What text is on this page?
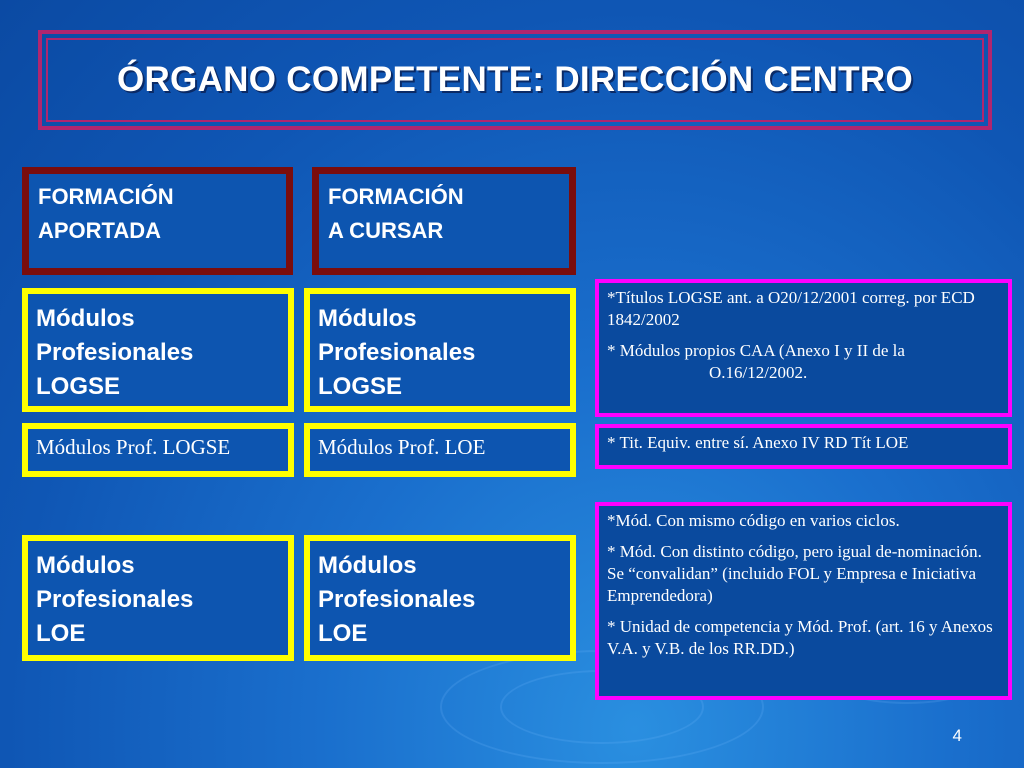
ÓRGANO COMPETENTE: DIRECCIÓN CENTRO
FORMACIÓN
APORTADA
FORMACIÓN
A CURSAR
Módulos
Profesionales
LOGSE
Módulos
Profesionales
LOGSE

*Títulos LOGSE ant. a O20/12/2001 correg. por ECD 1842/2002

* Módulos propios CAA (Anexo I y II de la
O.16/12/2002.

Módulos Prof. LOGSE	Módulos Prof. LOE	* Tit. Equiv. entre sí. Anexo IV RD Tít LOE

Módulos
Profesionales
LOE
Módulos
Profesionales
LOE

*Mód. Con mismo código en varios ciclos.

* Mód. Con distinto código, pero igual de-nominación. Se “convalidan” (incluido FOL y Empresa e Iniciativa Emprendedora)

* Unidad de competencia y Mód. Prof. (art. 16 y Anexos V.A. y V.B. de los RR.DD.)

4
